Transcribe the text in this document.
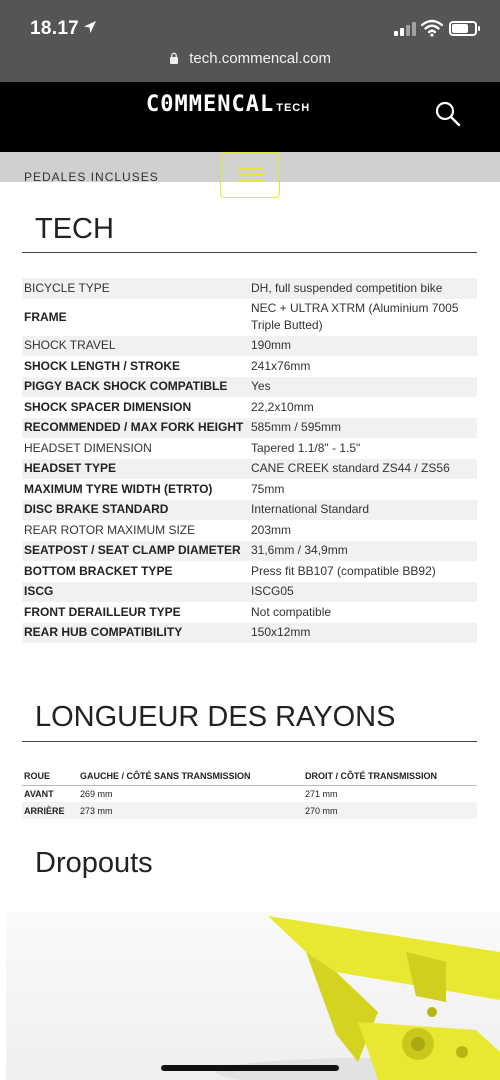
18.17
tech.commencal.com
C0MMENCAL TECH
PEDALES INCLUSES
TECH
BICYCLE TYPE	DH, full suspended competition bike
FRAME	NEC + ULTRA XTRM (Aluminium 7005 Triple Butted)
SHOCK TRAVEL	190mm
SHOCK LENGTH / STROKE	241x76mm
PIGGY BACK SHOCK COMPATIBLE	Yes
SHOCK SPACER DIMENSION	22,2x10mm
RECOMMENDED / MAX FORK HEIGHT	585mm / 595mm
HEADSET DIMENSION	Tapered 1.1/8" - 1.5"
HEADSET TYPE	CANE CREEK standard ZS44 / ZS56
MAXIMUM TYRE WIDTH (ETRTO)	75mm
DISC BRAKE STANDARD	International Standard
REAR ROTOR MAXIMUM SIZE	203mm
SEATPOST / SEAT CLAMP DIAMETER	31,6mm / 34,9mm
BOTTOM BRACKET TYPE	Press fit BB107 (compatible BB92)
ISCG	ISCG05
FRONT DERAILLEUR TYPE	Not compatible
REAR HUB COMPATIBILITY	150x12mm
LONGUEUR DES RAYONS
ROUE	GAUCHE / CÔTÉ SANS TRANSMISSION	DROIT / CÔTÉ TRANSMISSION
AVANT	269 mm	271 mm
ARRIÈRE	273 mm	270 mm
Dropouts
